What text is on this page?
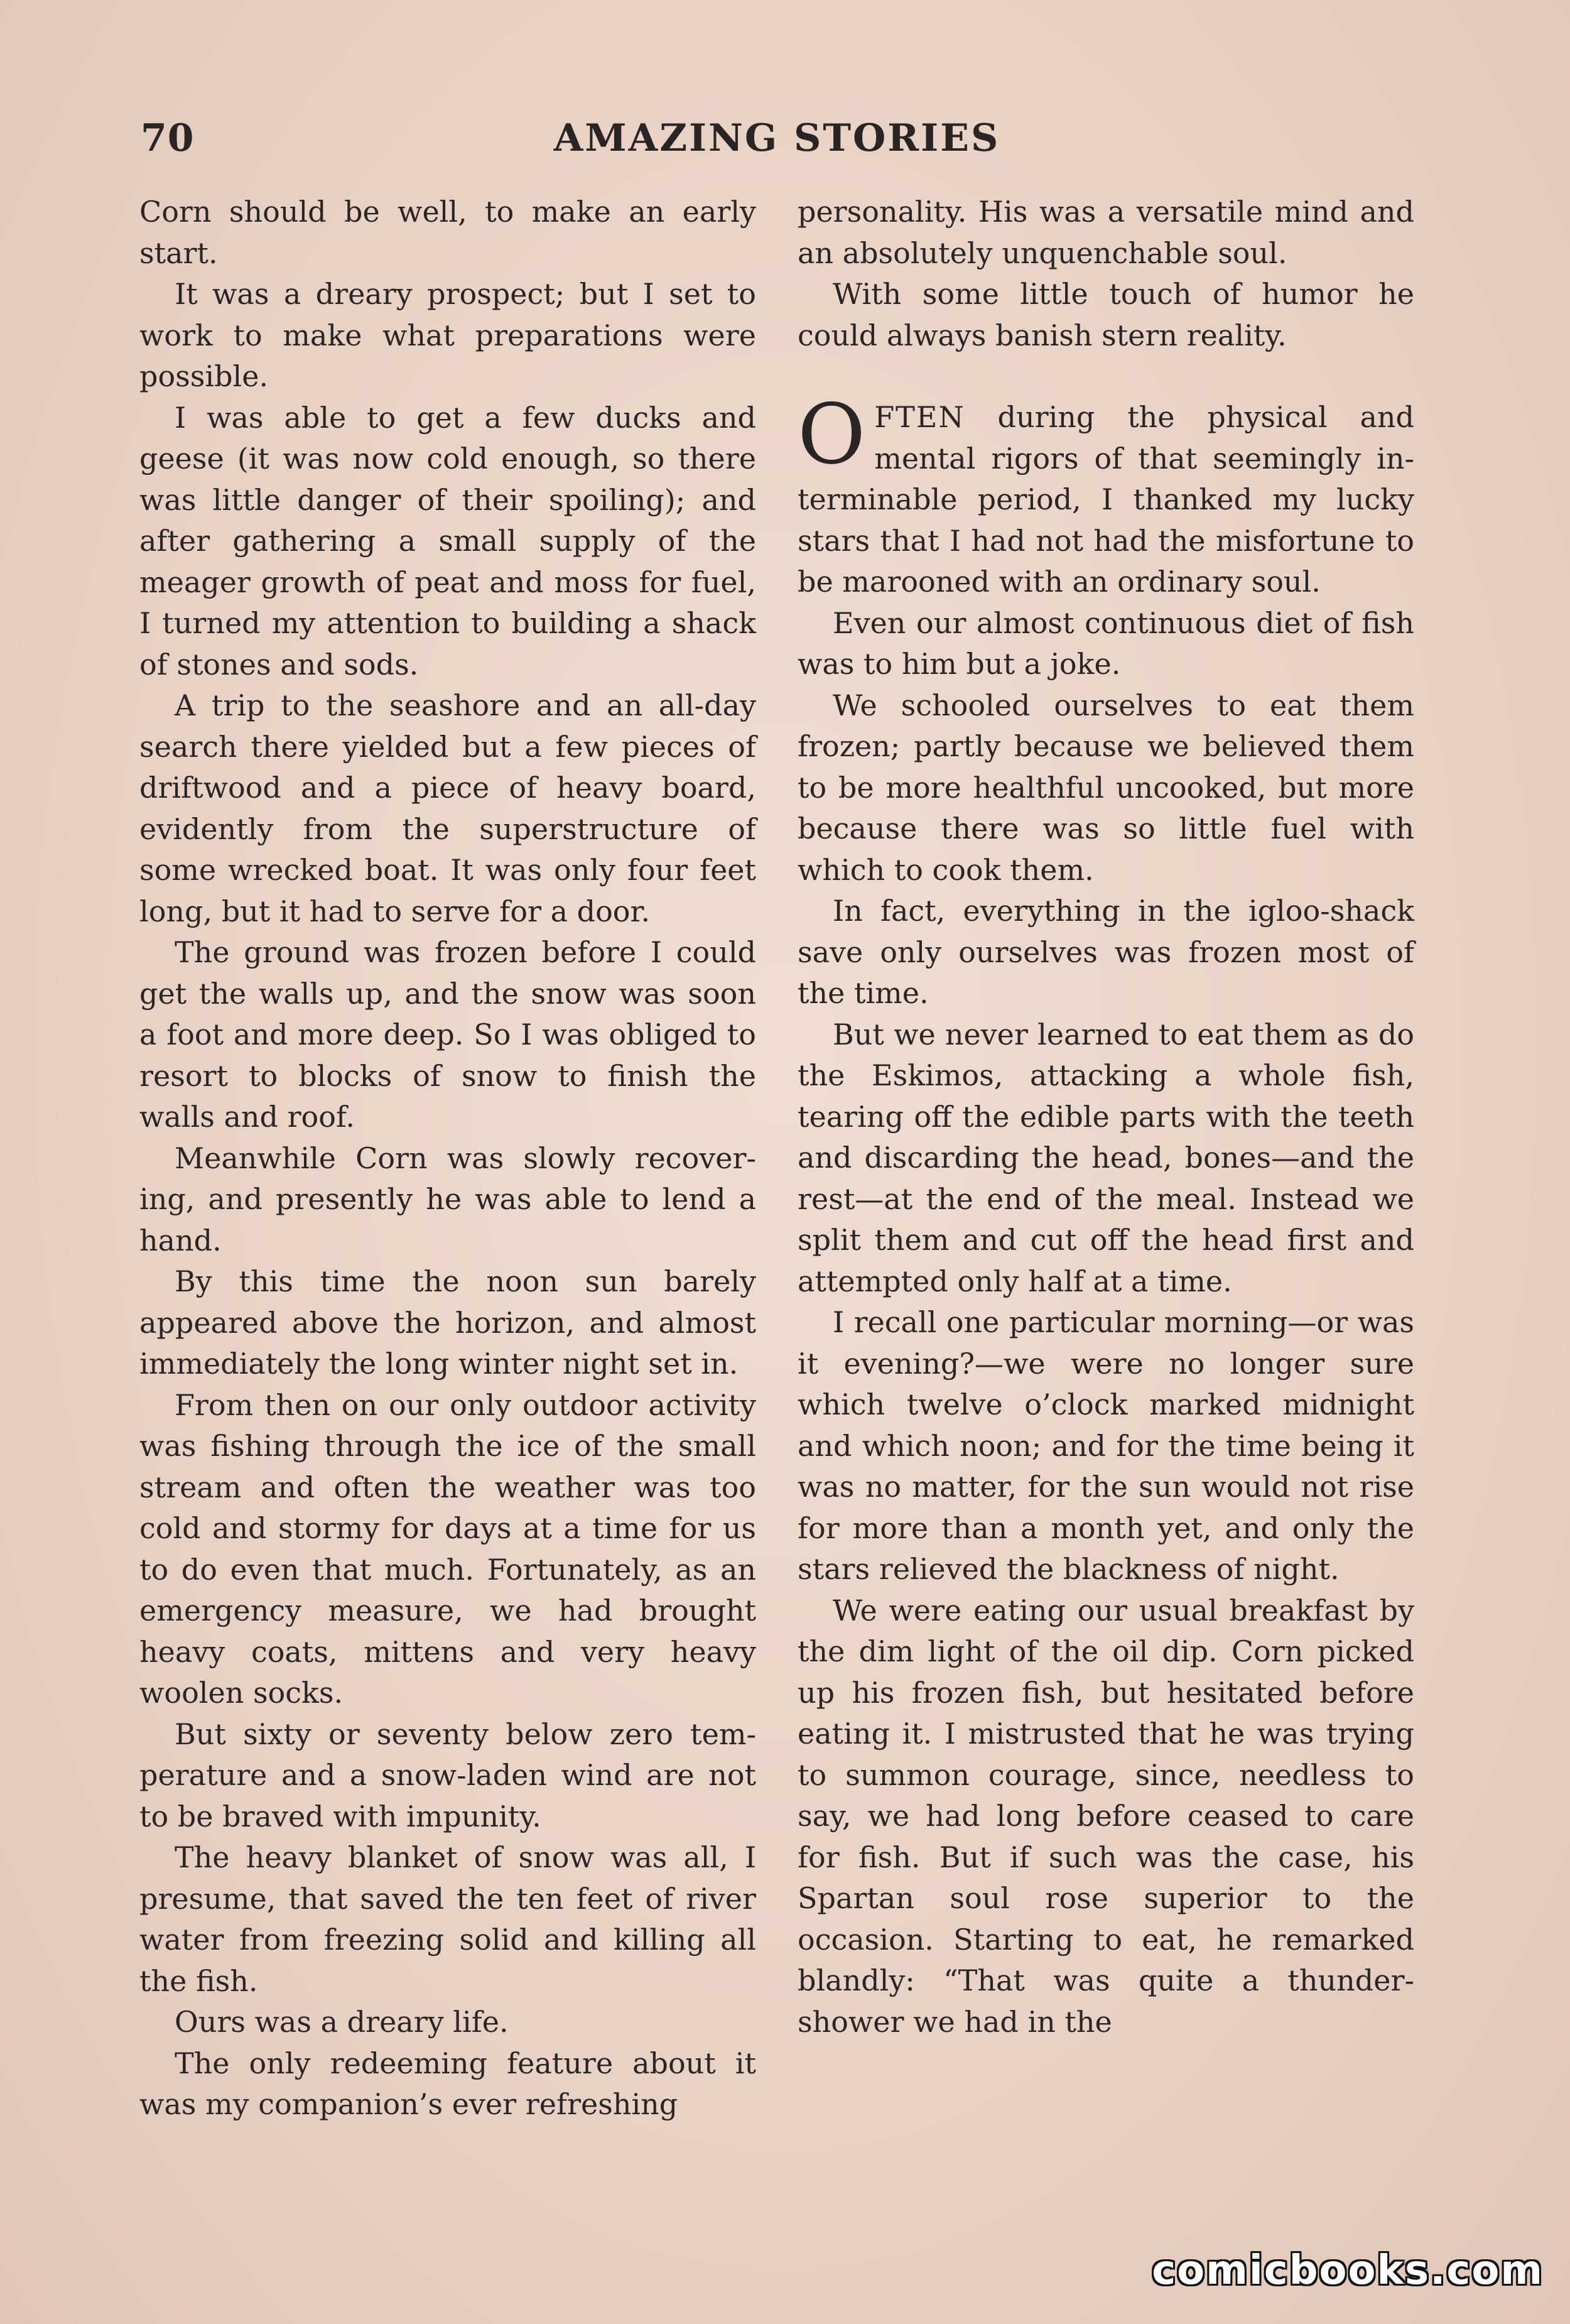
70	AMAZING STORIES

Corn should be well, to make an early start.

It was a dreary prospect; but I set to work to make what preparations were possible.

I was able to get a few ducks and geese (it was now cold enough, so there was little danger of their spoiling); and after gathering a small supply of the meager growth of peat and moss for fuel, I turned my attention to building a shack of stones and sods.

A trip to the seashore and an all-day search there yielded but a few pieces of driftwood and a piece of heavy board, evidently from the superstructure of some wrecked boat. It was only four feet long, but it had to serve for a door.

The ground was frozen before I could get the walls up, and the snow was soon a foot and more deep. So I was obliged to resort to blocks of snow to finish the walls and roof.

Meanwhile Corn was slowly recovering, and presently he was able to lend a hand.

By this time the noon sun barely appeared above the horizon, and almost immediately the long winter night set in.

From then on our only outdoor activity was fishing through the ice of the small stream and often the weather was too cold and stormy for days at a time for us to do even that much. Fortunately, as an emergency measure, we had brought heavy coats, mittens and very heavy woolen socks.

But sixty or seventy below zero temperature and a snow-laden wind are not to be braved with impunity.

The heavy blanket of snow was all, I presume, that saved the ten feet of river water from freezing solid and killing all the fish.

Ours was a dreary life.

The only redeeming feature about it was my companion’s ever refreshing

personality. His was a versatile mind and an absolutely unquenchable soul.

With some little touch of humor he could always banish stern reality.

OFTEN during the physical and mental rigors of that seemingly interminable period, I thanked my lucky stars that I had not had the misfortune to be marooned with an ordinary soul.

Even our almost continuous diet of fish was to him but a joke.

We schooled ourselves to eat them frozen; partly because we believed them to be more healthful uncooked, but more because there was so little fuel with which to cook them.

In fact, everything in the igloo-shack save only ourselves was frozen most of the time.

But we never learned to eat them as do the Eskimos, attacking a whole fish, tearing off the edible parts with the teeth and discarding the head, bones—and the rest—at the end of the meal. Instead we split them and cut off the head first and attempted only half at a time.

I recall one particular morning—or was it evening?—we were no longer sure which twelve o’clock marked midnight and which noon; and for the time being it was no matter, for the sun would not rise for more than a month yet, and only the stars relieved the blackness of night.

We were eating our usual breakfast by the dim light of the oil dip. Corn picked up his frozen fish, but hesitated before eating it. I mistrusted that he was trying to summon courage, since, needless to say, we had long before ceased to care for fish. But if such was the case, his Spartan soul rose superior to the occasion. Starting to eat, he remarked blandly: “That was quite a thunder-shower we had in the

comicbooks.com
